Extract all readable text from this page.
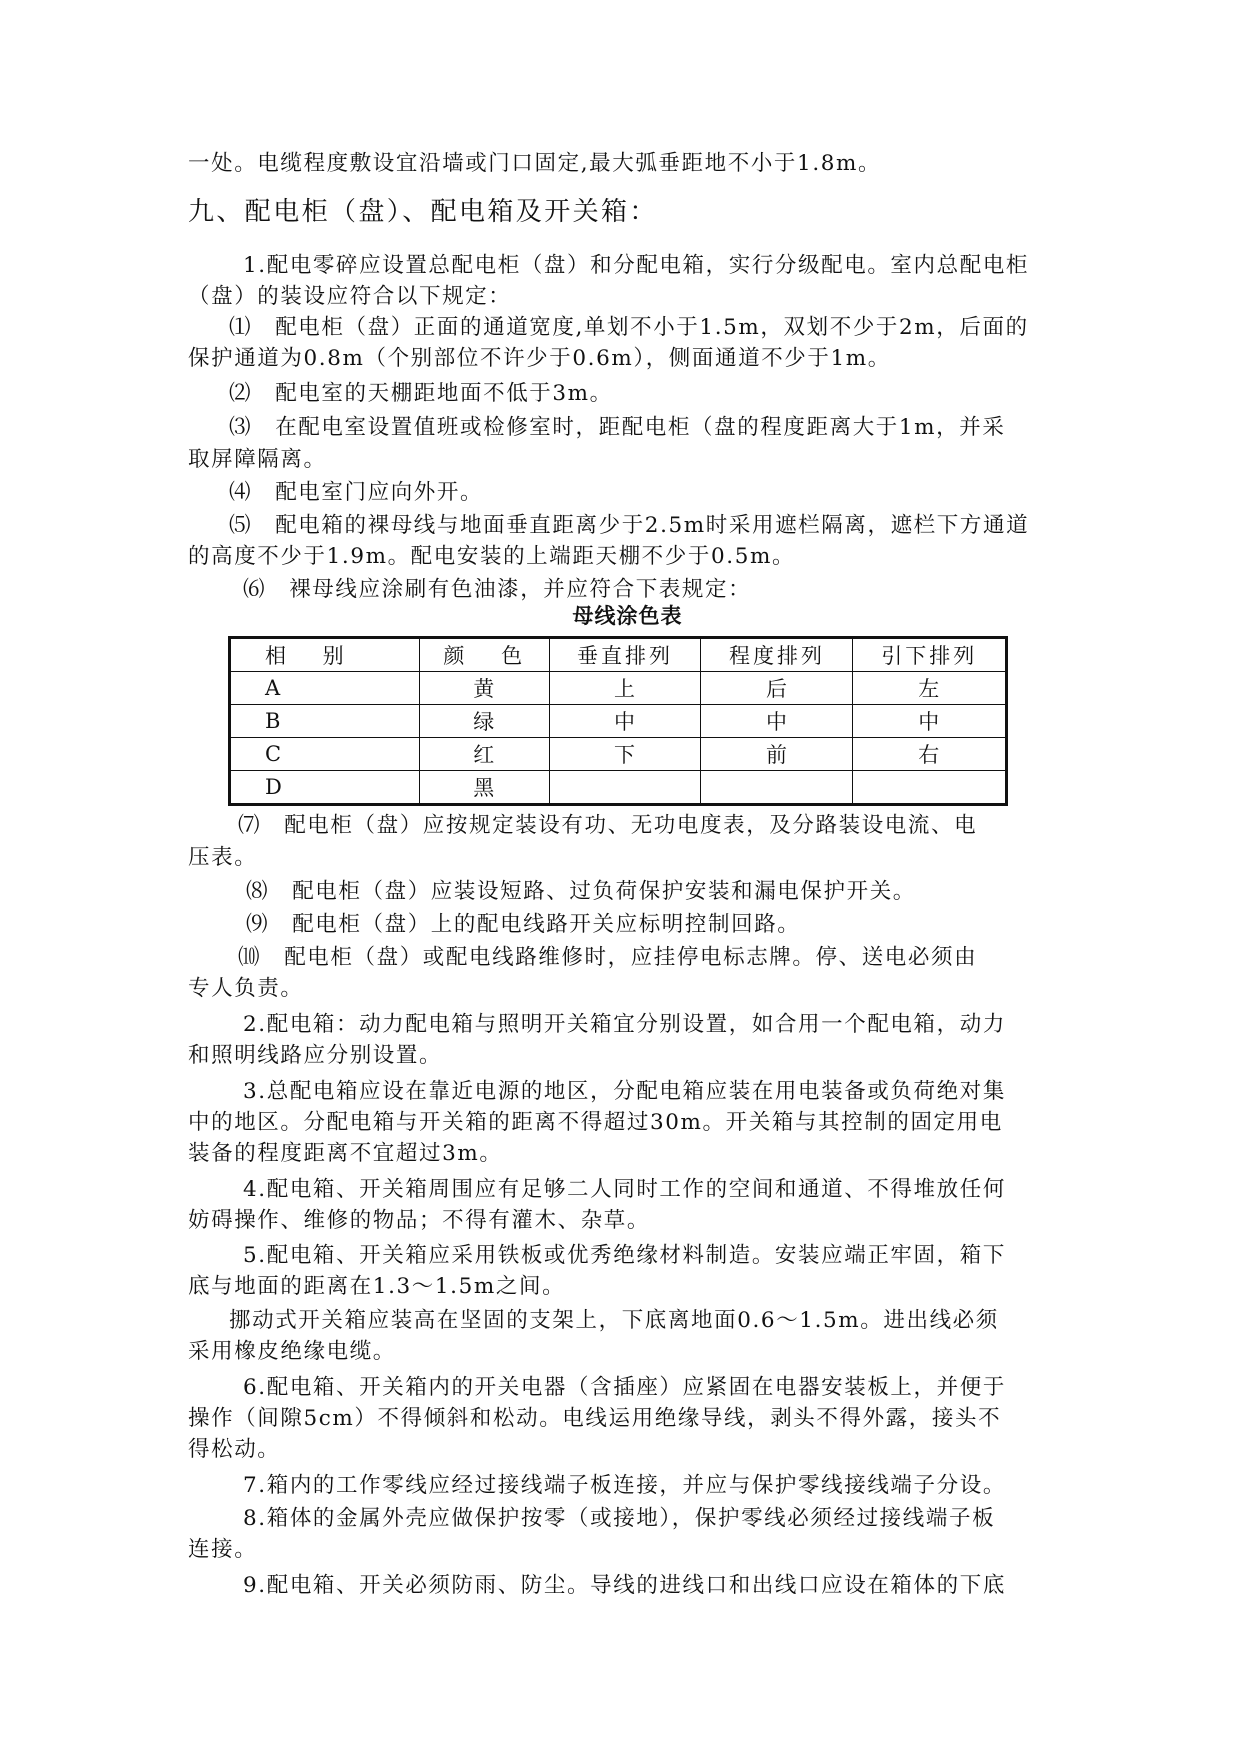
一处。电缆程度敷设宜沿墙或门口固定,最大弧垂距地不小于1.8m。
九、配电柜（盘）、配电箱及开关箱：
1.配电零碎应设置总配电柜（盘）和分配电箱，实行分级配电。室内总配电柜
（盘）的装设应符合以下规定：
⑴　配电柜（盘）正面的通道宽度,单划不小于1.5m，双划不少于2m，后面的
保护通道为0.8m（个别部位不许少于0.6m），侧面通道不少于1m。
⑵　配电室的天棚距地面不低于3m。
⑶　在配电室设置值班或检修室时，距配电柜（盘的程度距离大于1m，并采
取屏障隔离。
⑷　配电室门应向外开。
⑸　配电箱的裸母线与地面垂直距离少于2.5m时采用遮栏隔离，遮栏下方通道
的高度不少于1.9m。配电安装的上端距天棚不少于0.5m。
⑹　裸母线应涂刷有色油漆，并应符合下表规定：
母线涂色表
相　 别	颜　 色	垂直排列	程度排列	引下排列
A	黄	上	后	左
B	绿	中	中	中
C	红	下	前	右
D	黑			
⑺　配电柜（盘）应按规定装设有功、无功电度表，及分路装设电流、电
压表。
⑻　配电柜（盘）应装设短路、过负荷保护安装和漏电保护开关。
⑼　配电柜（盘）上的配电线路开关应标明控制回路。
⑽　配电柜（盘）或配电线路维修时，应挂停电标志牌。停、送电必须由
专人负责。
2.配电箱：动力配电箱与照明开关箱宜分别设置，如合用一个配电箱，动力
和照明线路应分别设置。
3.总配电箱应设在靠近电源的地区，分配电箱应装在用电装备或负荷绝对集
中的地区。分配电箱与开关箱的距离不得超过30m。开关箱与其控制的固定用电
装备的程度距离不宜超过3m。
4.配电箱、开关箱周围应有足够二人同时工作的空间和通道、不得堆放任何
妨碍操作、维修的物品；不得有灌木、杂草。
5.配电箱、开关箱应采用铁板或优秀绝缘材料制造。安装应端正牢固，箱下
底与地面的距离在1.3～1.5m之间。
挪动式开关箱应装高在坚固的支架上，下底离地面0.6～1.5m。进出线必须
采用橡皮绝缘电缆。
6.配电箱、开关箱内的开关电器（含插座）应紧固在电器安装板上，并便于
操作（间隙5cm）不得倾斜和松动。电线运用绝缘导线，剥头不得外露，接头不
得松动。
7.箱内的工作零线应经过接线端子板连接，并应与保护零线接线端子分设。
8.箱体的金属外壳应做保护按零（或接地），保护零线必须经过接线端子板
连接。
9.配电箱、开关必须防雨、防尘。导线的进线口和出线口应设在箱体的下底
